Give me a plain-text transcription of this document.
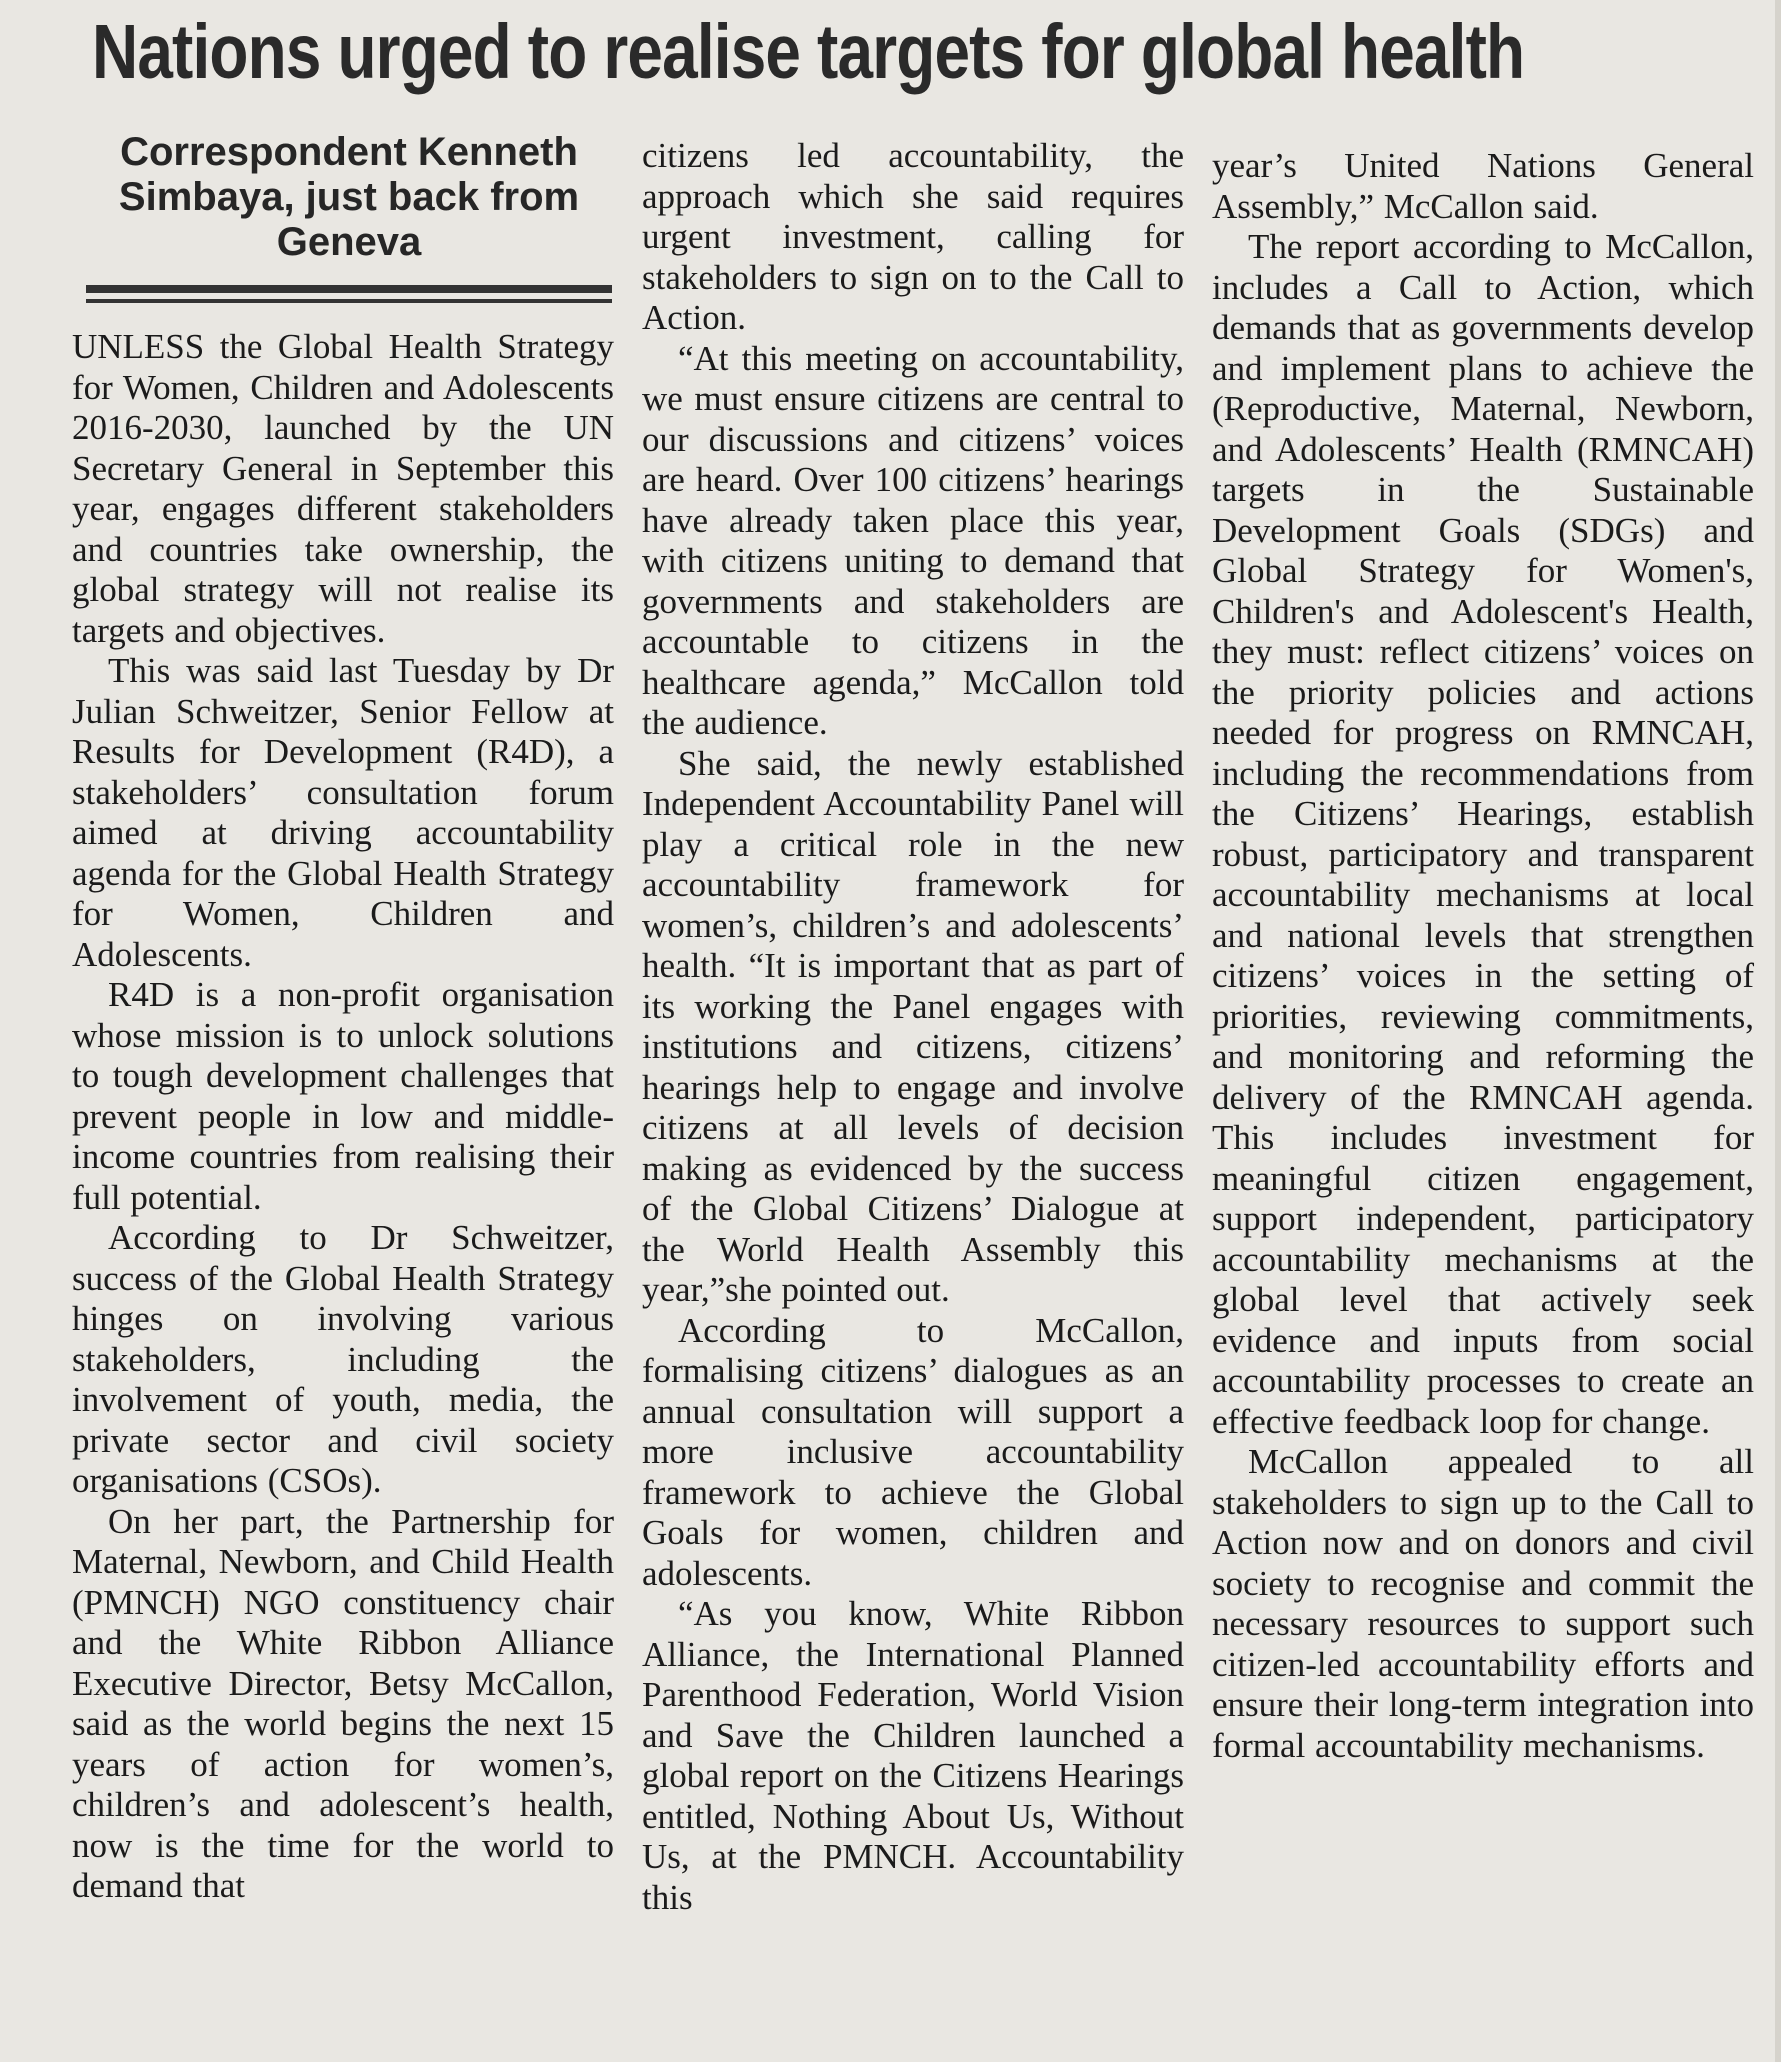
Nations urged to realise targets for global health
Correspondent Kenneth Simbaya, just back from Geneva

UNLESS the Global Health Strategy for Women, Children and Adolescents 2016-2030, launched by the UN Secretary General in September this year, engages different stakeholders and countries take ownership, the global strategy will not realise its targets and objectives.

This was said last Tuesday by Dr Julian Schweitzer, Senior Fellow at Results for Development (R4D), a stakeholders’ consultation forum aimed at driving accountability agenda for the Global Health Strategy for Women, Children and Adolescents.

R4D is a non-profit organisation whose mission is to unlock solutions to tough development challenges that prevent people in low and middle-income countries from realising their full potential.

According to Dr Schweitzer, success of the Global Health Strategy hinges on involving various stakeholders, including the involvement of youth, media, the private sector and civil society organisations (CSOs).

On her part, the Partnership for Maternal, Newborn, and Child Health (PMNCH) NGO constituency chair and the White Ribbon Alliance Executive Director, Betsy McCallon, said as the world begins the next 15 years of action for women’s, children’s and adolescent’s health, now is the time for the world to demand that

citizens led accountability, the approach which she said requires urgent investment, calling for stakeholders to sign on to the Call to Action.

“At this meeting on accountability, we must ensure citizens are central to our discussions and citizens’ voices are heard. Over 100 citizens’ hearings have already taken place this year, with citizens uniting to demand that governments and stakeholders are accountable to citizens in the healthcare agenda,” McCallon told the audience.

She said, the newly established Independent Accountability Panel will play a critical role in the new accountability framework for women’s, children’s and adolescents’ health. “It is important that as part of its working the Panel engages with institutions and citizens, citizens’ hearings help to engage and involve citizens at all levels of decision making as evidenced by the success of the Global Citizens’ Dialogue at the World Health Assembly this year,”she pointed out.

According to McCallon, formalising citizens’ dialogues as an annual consultation will support a more inclusive accountability framework to achieve the Global Goals for women, children and adolescents.

“As you know, White Ribbon Alliance, the International Planned Parenthood Federation, World Vision and Save the Children launched a global report on the Citizens Hearings entitled, Nothing About Us, Without Us, at the PMNCH. Accountability this

year’s United Nations General Assembly,” McCallon said.

The report according to McCallon, includes a Call to Action, which demands that as governments develop and implement plans to achieve the (Reproductive, Maternal, Newborn, and Adolescents’ Health (RMNCAH) targets in the Sustainable Development Goals (SDGs) and Global Strategy for Women's, Children's and Adolescent's Health, they must: reflect citizens’ voices on the priority policies and actions needed for progress on RMNCAH, including the recommendations from the Citizens’ Hearings, establish robust, participatory and transparent accountability mechanisms at local and national levels that strengthen citizens’ voices in the setting of priorities, reviewing commitments, and monitoring and reforming the delivery of the RMNCAH agenda. This includes investment for meaningful citizen engagement, support independent, participatory accountability mechanisms at the global level that actively seek evidence and inputs from social accountability processes to create an effective feedback loop for change.

McCallon appealed to all stakeholders to sign up to the Call to Action now and on donors and civil society to recognise and commit the necessary resources to support such citizen-led accountability efforts and ensure their long-term integration into formal accountability mechanisms.
